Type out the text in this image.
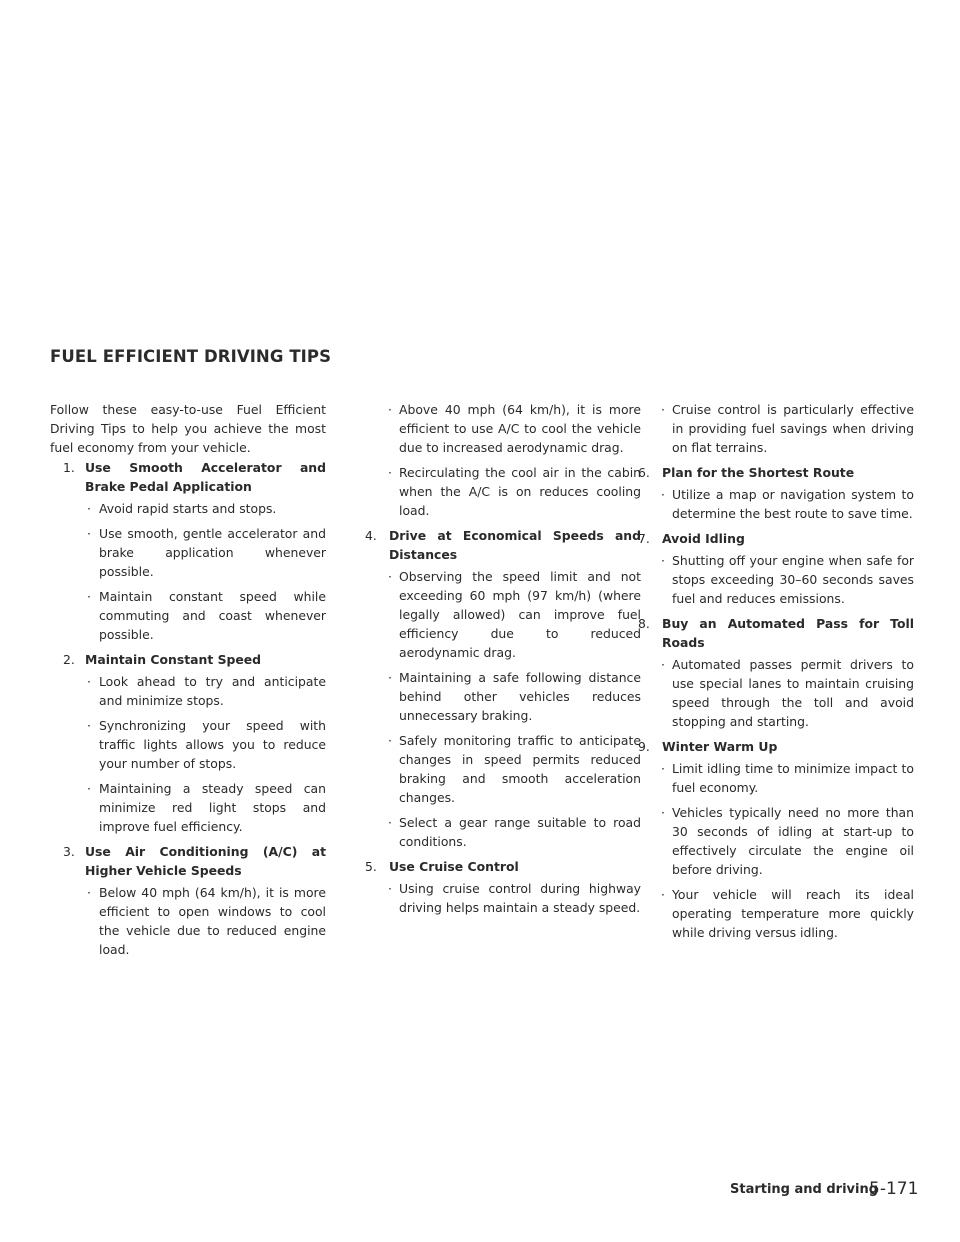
FUEL EFFICIENT DRIVING TIPS

Follow these easy-to-use Fuel Efficient Driving Tips to help you achieve the most fuel economy from your vehicle.

1. Use Smooth Accelerator and Brake Pedal Application
· Avoid rapid starts and stops.
· Use smooth, gentle accelerator and brake application whenever possible.
· Maintain constant speed while commuting and coast whenever possible.
2. Maintain Constant Speed
· Look ahead to try and anticipate and minimize stops.
· Synchronizing your speed with traffic lights allows you to reduce your number of stops.
· Maintaining a steady speed can minimize red light stops and improve fuel efficiency.
3. Use Air Conditioning (A/C) at Higher Vehicle Speeds
· Below 40 mph (64 km/h), it is more efficient to open windows to cool the vehicle due to reduced engine load.
· Above 40 mph (64 km/h), it is more efficient to use A/C to cool the vehicle due to increased aerodynamic drag.
· Recirculating the cool air in the cabin when the A/C is on reduces cooling load.
4. Drive at Economical Speeds and Distances
· Observing the speed limit and not exceeding 60 mph (97 km/h) (where legally allowed) can improve fuel efficiency due to reduced aerodynamic drag.
· Maintaining a safe following distance behind other vehicles reduces unnecessary braking.
· Safely monitoring traffic to anticipate changes in speed permits reduced braking and smooth acceleration changes.
· Select a gear range suitable to road conditions.
5. Use Cruise Control
· Using cruise control during highway driving helps maintain a steady speed.
· Cruise control is particularly effective in providing fuel savings when driving on flat terrains.
6. Plan for the Shortest Route
· Utilize a map or navigation system to determine the best route to save time.
7. Avoid Idling
· Shutting off your engine when safe for stops exceeding 30–60 seconds saves fuel and reduces emissions.
8. Buy an Automated Pass for Toll Roads
· Automated passes permit drivers to use special lanes to maintain cruising speed through the toll and avoid stopping and starting.
9. Winter Warm Up
· Limit idling time to minimize impact to fuel economy.
· Vehicles typically need no more than 30 seconds of idling at start-up to effectively circulate the engine oil before driving.
· Your vehicle will reach its ideal operating temperature more quickly while driving versus idling.
Starting and driving
5-171
